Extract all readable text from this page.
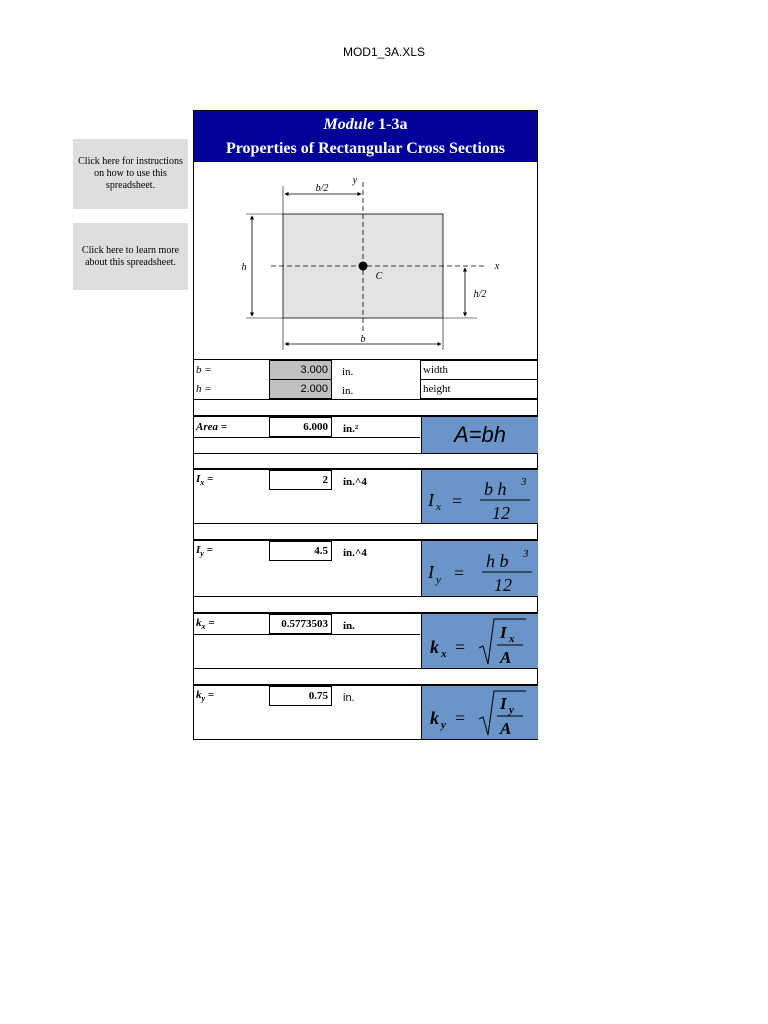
MOD1_3A.XLS
Click here for instructions on how to use this spreadsheet.
Click here to learn more about this spreadsheet.
Module 1-3a
Properties of Rectangular Cross Sections
b/2
y
h
C
x
h/2
b
b =	3.000	in.	width
h =	2.000	in.	height
Area =	6.000	in.²	A=bh
$I_x$ =	2	in.^4
I x =
b h 3
12
$I_y$ =	4.5	in.^4
I y =
h b 3
12
$k_x$ =	0.5773503	in.
k x =
I x
A
$k_y$ =	0.75	in.
k y =
I y
A
